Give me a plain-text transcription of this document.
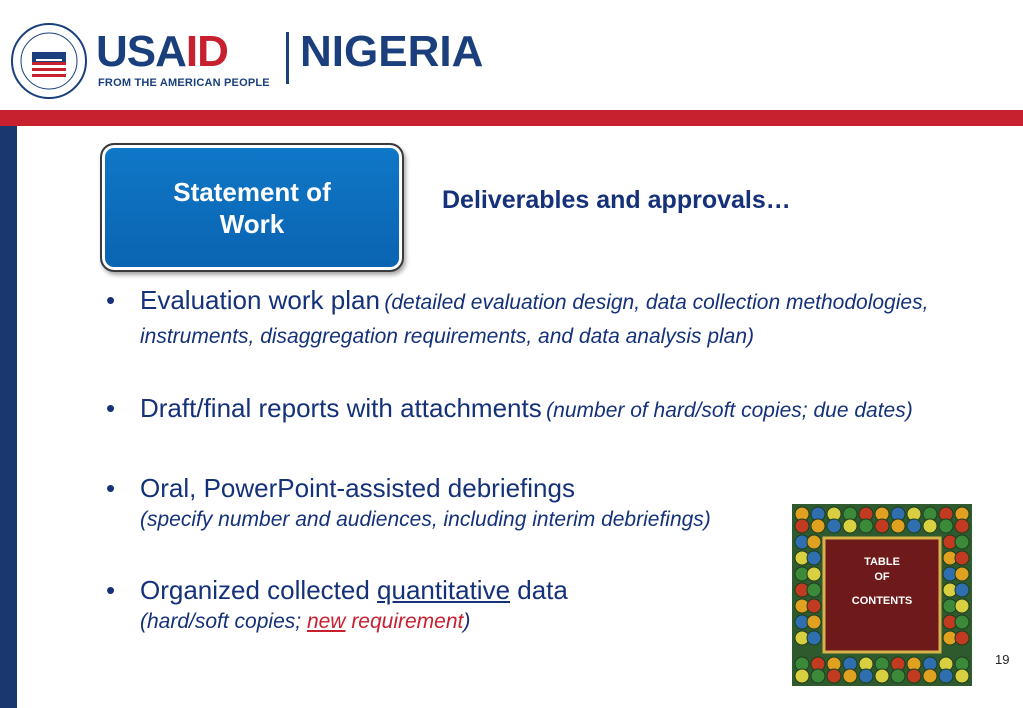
USAID
FROM THE AMERICAN PEOPLE
NIGERIA
Statement of Work
Deliverables and approvals…
• Evaluation work plan (detailed evaluation design, data collection methodologies, instruments, disaggregation requirements, and data analysis plan)
• Draft/final reports with attachments (number of hard/soft copies; due dates)
• Oral, PowerPoint-assisted debriefings
(specify number and audiences, including interim debriefings)
• Organized collected quantitative data
(hard/soft copies; new requirement)
TABLE
OF
CONTENTS
19
